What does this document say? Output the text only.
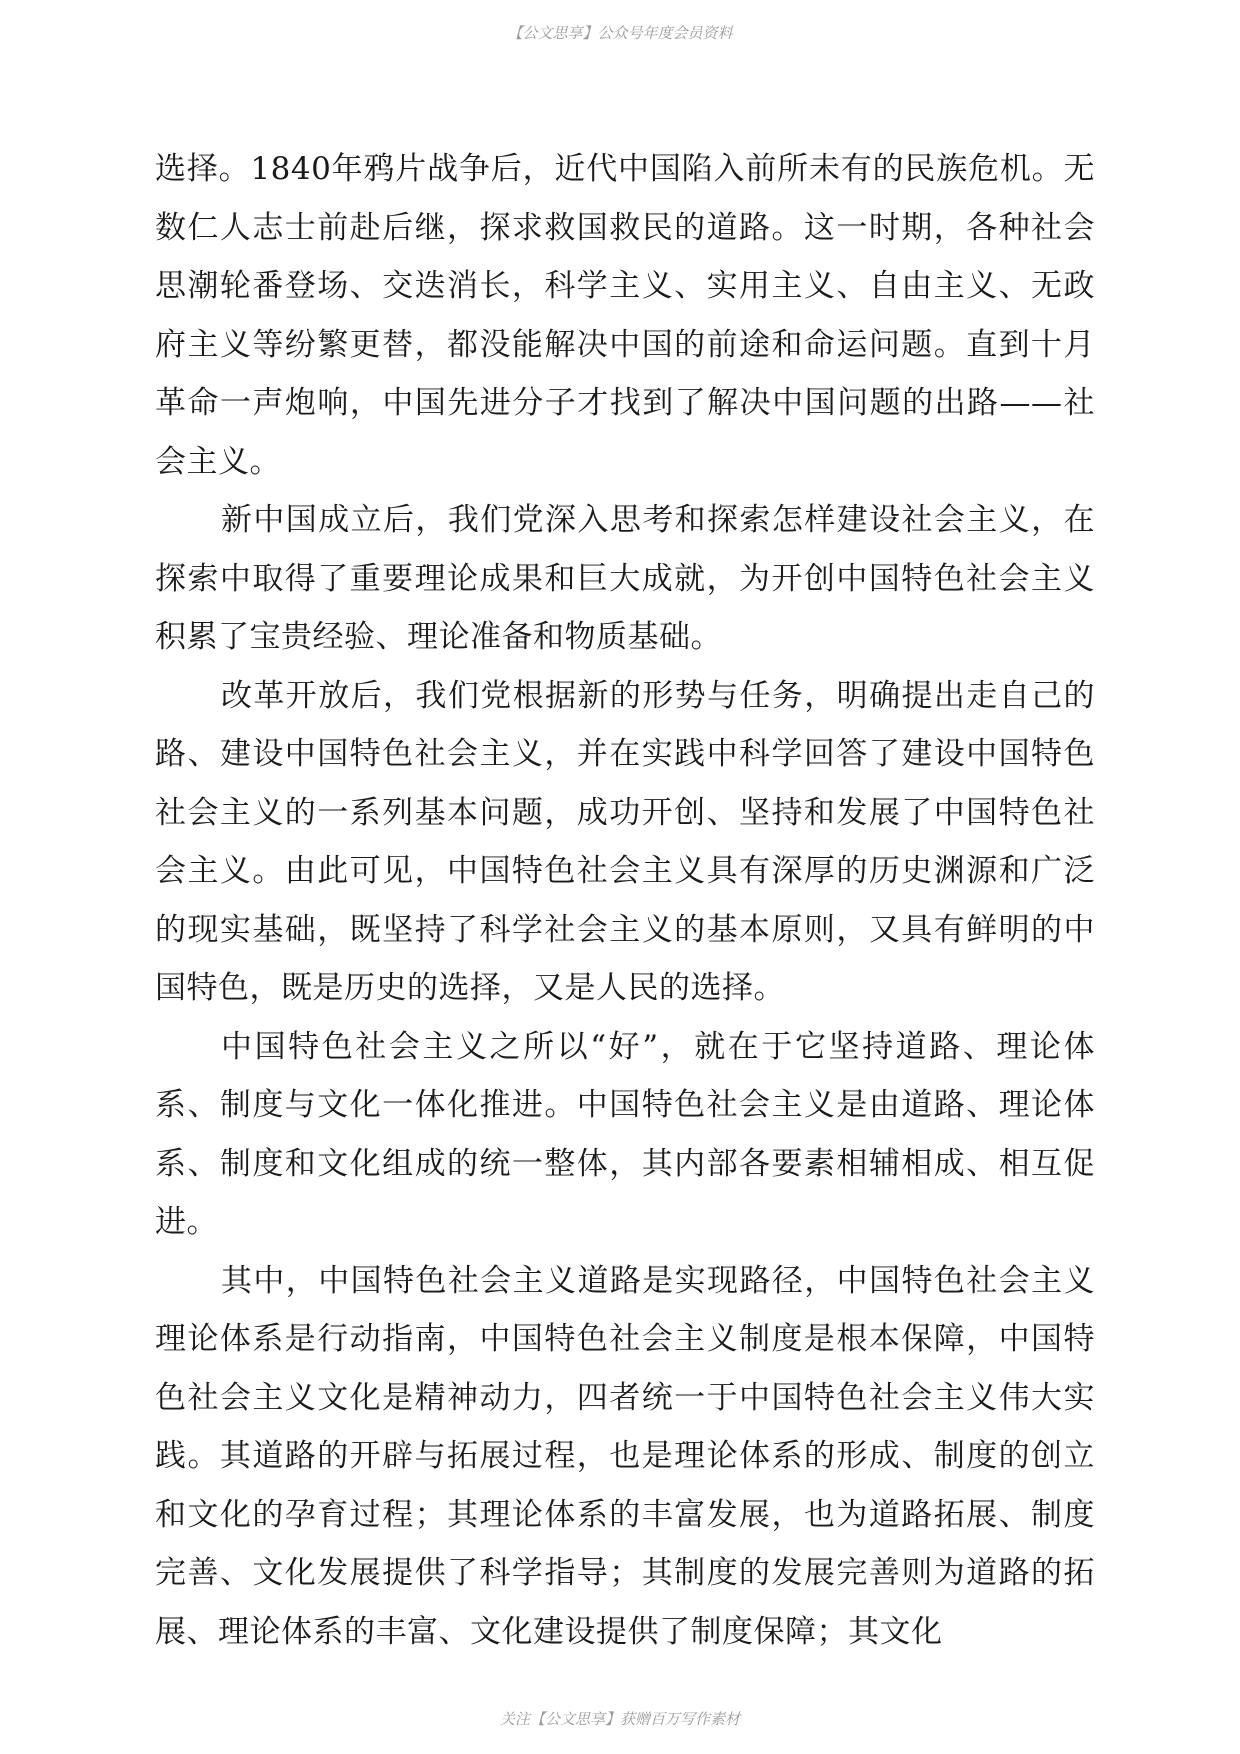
【公文思享】公众号年度会员资料

选择。1840年鸦片战争后，近代中国陷入前所未有的民族危机。无数仁人志士前赴后继，探求救国救民的道路。这一时期，各种社会思潮轮番登场、交迭消长，科学主义、实用主义、自由主义、无政府主义等纷繁更替，都没能解决中国的前途和命运问题。直到十月革命一声炮响，中国先进分子才找到了解决中国问题的出路——社会主义。

新中国成立后，我们党深入思考和探索怎样建设社会主义，在探索中取得了重要理论成果和巨大成就，为开创中国特色社会主义积累了宝贵经验、理论准备和物质基础。

改革开放后，我们党根据新的形势与任务，明确提出走自己的路、建设中国特色社会主义，并在实践中科学回答了建设中国特色社会主义的一系列基本问题，成功开创、坚持和发展了中国特色社会主义。由此可见，中国特色社会主义具有深厚的历史渊源和广泛的现实基础，既坚持了科学社会主义的基本原则，又具有鲜明的中国特色，既是历史的选择，又是人民的选择。

中国特色社会主义之所以“好”，就在于它坚持道路、理论体系、制度与文化一体化推进。中国特色社会主义是由道路、理论体系、制度和文化组成的统一整体，其内部各要素相辅相成、相互促进。

其中，中国特色社会主义道路是实现路径，中国特色社会主义理论体系是行动指南，中国特色社会主义制度是根本保障，中国特色社会主义文化是精神动力，四者统一于中国特色社会主义伟大实践。其道路的开辟与拓展过程，也是理论体系的形成、制度的创立和文化的孕育过程；其理论体系的丰富发展，也为道路拓展、制度完善、文化发展提供了科学指导；其制度的发展完善则为道路的拓展、理论体系的丰富、文化建设提供了制度保障；其文化

关注【公文思享】获赠百万写作素材
